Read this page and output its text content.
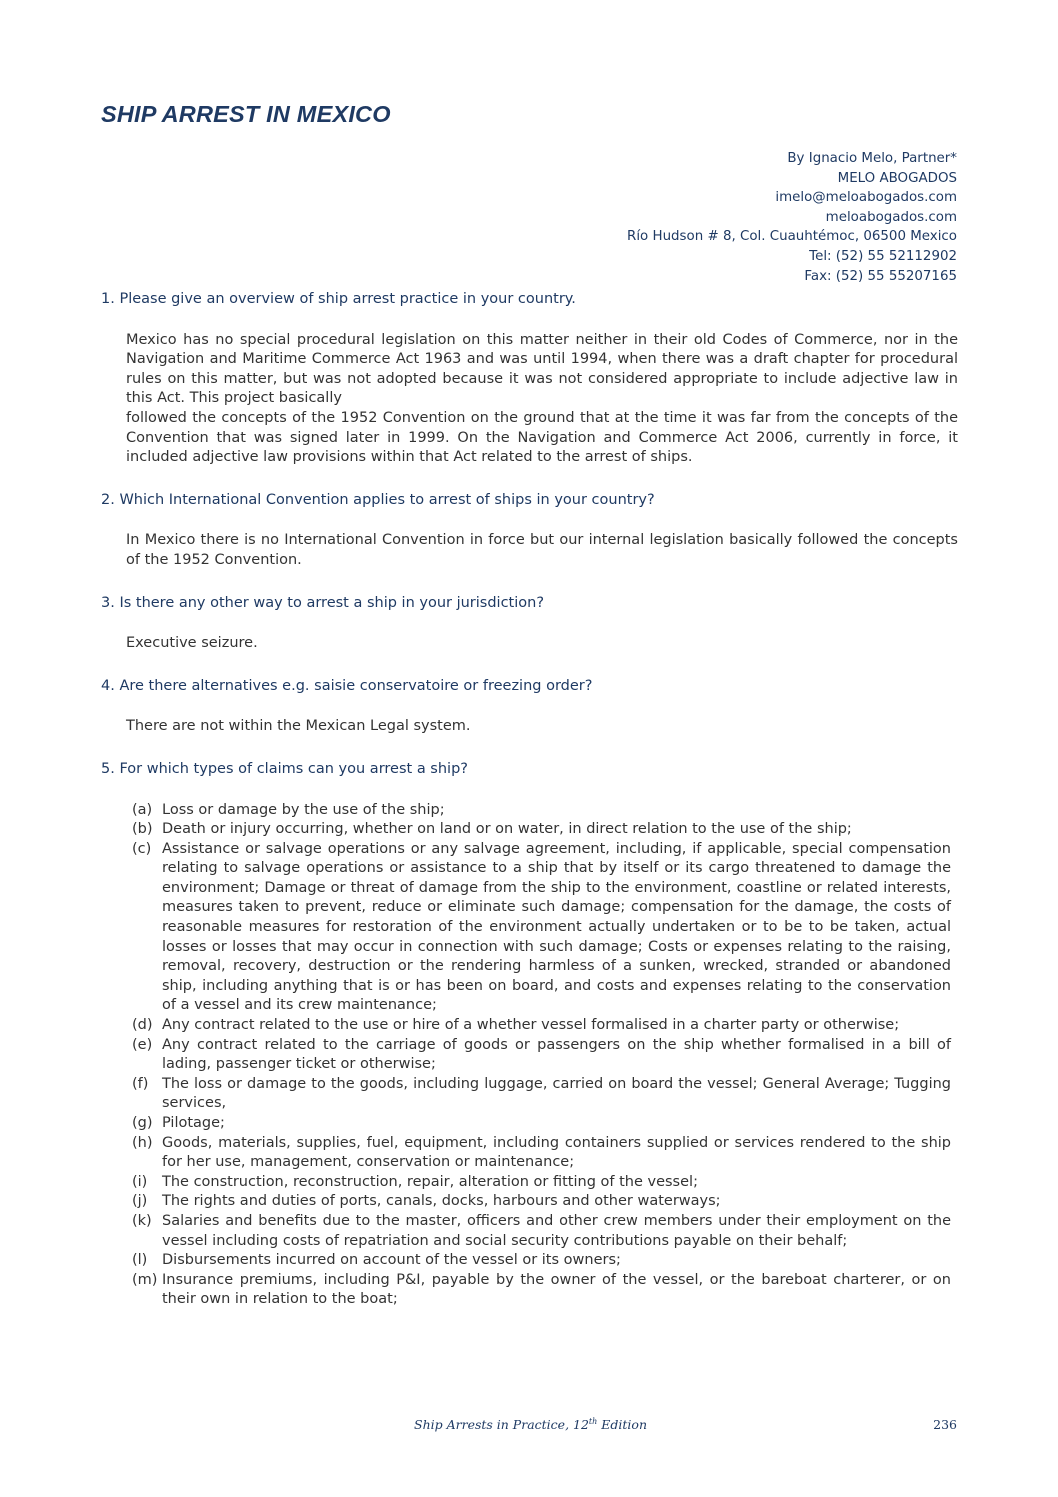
SHIP ARREST IN MEXICO
By Ignacio Melo, Partner*
MELO ABOGADOS
imelo@meloabogados.com
meloabogados.com
Río Hudson # 8, Col. Cuauhtémoc, 06500 Mexico
Tel: (52) 55 52112902
Fax: (52) 55 55207165

1. Please give an overview of ship arrest practice in your country.

Mexico has no special procedural legislation on this matter neither in their old Codes of Commerce, nor in the Navigation and Maritime Commerce Act 1963 and was until 1994, when there was a draft chapter for procedural rules on this matter, but was not adopted because it was not considered appropriate to include adjective law in this Act. This project basically

followed the concepts of the 1952 Convention on the ground that at the time it was far from the concepts of the Convention that was signed later in 1999. On the Navigation and Commerce Act 2006, currently in force, it included adjective law provisions within that Act related to the arrest of ships.

2. Which International Convention applies to arrest of ships in your country?

In Mexico there is no International Convention in force but our internal legislation basically followed the concepts of the 1952 Convention.

3. Is there any other way to arrest a ship in your jurisdiction?

Executive seizure.

4. Are there alternatives e.g. saisie conservatoire or freezing order?

There are not within the Mexican Legal system.

5. For which types of claims can you arrest a ship?

(a) Loss or damage by the use of the ship;
(b) Death or injury occurring, whether on land or on water, in direct relation to the use of the ship;
(c) Assistance or salvage operations or any salvage agreement, including, if applicable, special compensation relating to salvage operations or assistance to a ship that by itself or its cargo threatened to damage the environment; Damage or threat of damage from the ship to the environment, coastline or related interests, measures taken to prevent, reduce or eliminate such damage; compensation for the damage, the costs of reasonable measures for restoration of the environment actually undertaken or to be to be taken, actual losses or losses that may occur in connection with such damage; Costs or expenses relating to the raising, removal, recovery, destruction or the rendering harmless of a sunken, wrecked, stranded or abandoned ship, including anything that is or has been on board, and costs and expenses relating to the conservation of a vessel and its crew maintenance;
(d) Any contract related to the use or hire of a whether vessel formalised in a charter party or otherwise;
(e) Any contract related to the carriage of goods or passengers on the ship whether formalised in a bill of lading, passenger ticket or otherwise;
(f) The loss or damage to the goods, including luggage, carried on board the vessel; General Average; Tugging services,
(g) Pilotage;
(h) Goods, materials, supplies, fuel, equipment, including containers supplied or services rendered to the ship for her use, management, conservation or maintenance;
(i) The construction, reconstruction, repair, alteration or fitting of the vessel;
(j) The rights and duties of ports, canals, docks, harbours and other waterways;
(k) Salaries and benefits due to the master, officers and other crew members under their employment on the vessel including costs of repatriation and social security contributions payable on their behalf;
(l) Disbursements incurred on account of the vessel or its owners;
(m) Insurance premiums, including P&I, payable by the owner of the vessel, or the bareboat charterer, or on their own in relation to the boat;
Ship Arrests in Practice, 12th Edition	236
